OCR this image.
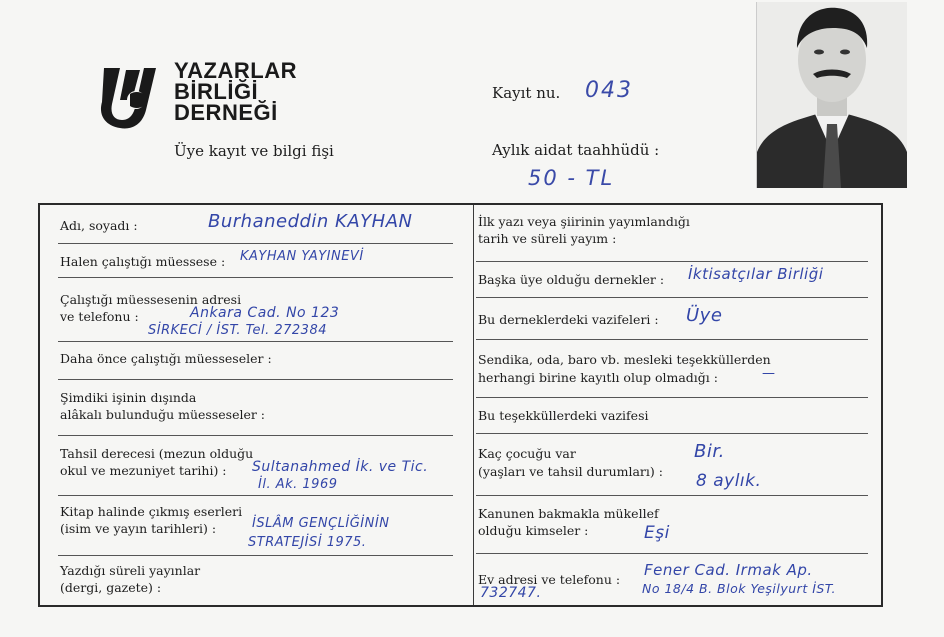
YAZARLAR
BİRLİĞİ
DERNEĞİ
Üye kayıt ve bilgi fişi
Kayıt nu. 043
Aylık aidat taahhüdü :
50 - TL
Adı, soyadı :	Burhaneddin KAYHAN
Halen çalıştığı müessese : KAYHAN YAYINEVİ
Çalıştığı müessesenin adresi
ve telefonu :	Ankara Cad. No 123
SİRKECİ / İST. Tel. 272384
Daha önce çalıştığı müesseseler :
Şimdiki işinin dışında
alâkalı bulunduğu müesseseler :
Tahsil derecesi (mezun olduğu
okul ve mezuniyet tarihi) : Sultanahmed İk. ve Tic.
İl. Ak. 1969
Kitap halinde çıkmış eserleri
(isim ve yayın tarihleri) :	İSLÂM GENÇLİĞİNİN
STRATEJİSİ 1975.
Yazdığı süreli yayınlar
(dergi, gazete) :
İlk yazı veya şiirinin yayımlandığı
tarih ve süreli yayım :
Başka üye olduğu dernekler : İktisatçılar Birliği
Bu derneklerdeki vazifeleri : Üye
Sendika, oda, baro vb. mesleki teşekküllerden
herhangi birine kayıtlı olup olmadığı :	—
Bu teşekküllerdeki vazifesi
Kaç çocuğu var
(yaşları ve tahsil durumları) :
Bir.
8 aylık.
Kanunen bakmakla mükellef
olduğu kimseler :	Eşi
Ev adresi ve telefonu :
Fener Cad. Irmak Ap.
No 18/4 B. Blok Yeşilyurt İST.
732747.
